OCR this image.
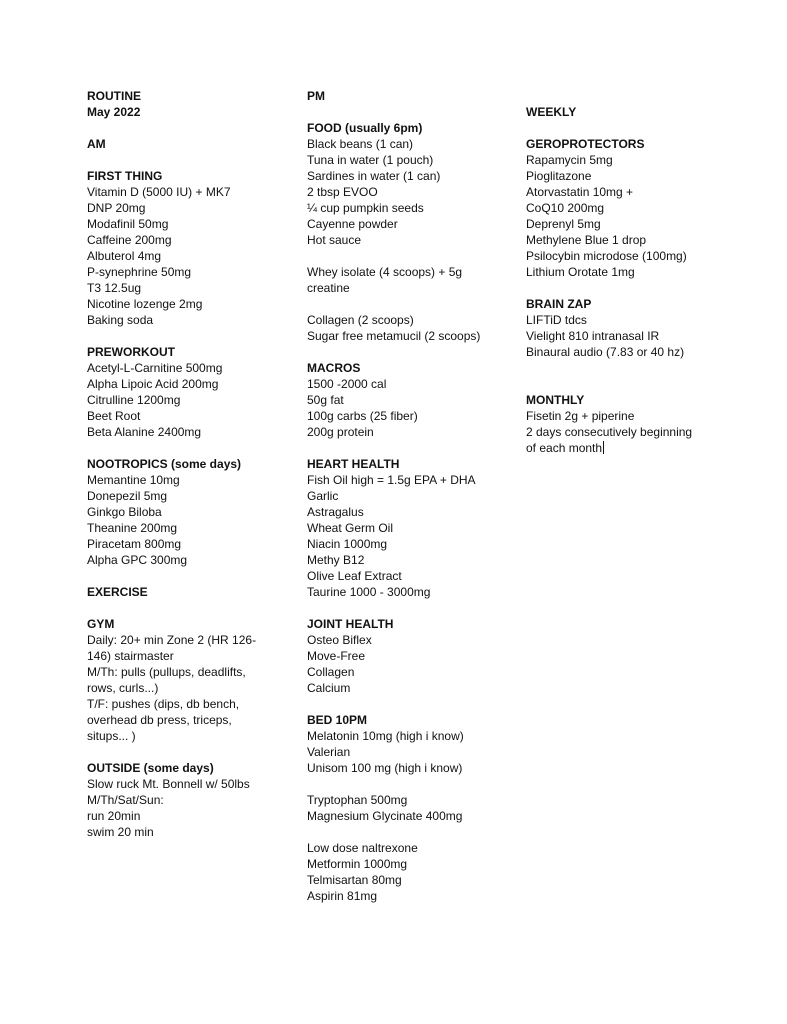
ROUTINE
May 2022
AM
FIRST THING
Vitamin D (5000 IU) + MK7
DNP 20mg
Modafinil 50mg
Caffeine 200mg
Albuterol 4mg
P-synephrine 50mg
T3 12.5ug
Nicotine lozenge 2mg
Baking soda
PREWORKOUT
Acetyl-L-Carnitine 500mg
Alpha Lipoic Acid 200mg
Citrulline 1200mg
Beet Root
Beta Alanine 2400mg
NOOTROPICS (some days)
Memantine 10mg
Donepezil 5mg
Ginkgo Biloba
Theanine 200mg
Piracetam 800mg
Alpha GPC 300mg
EXERCISE
GYM
Daily: 20+ min Zone 2 (HR 126-
146) stairmaster
M/Th: pulls (pullups, deadlifts,
rows, curls...)
T/F: pushes (dips, db bench,
overhead db press, triceps,
situps... )
OUTSIDE (some days)
Slow ruck Mt. Bonnell w/ 50lbs
M/Th/Sat/Sun:
run 20min
swim 20 min
PM
FOOD (usually 6pm)
Black beans (1 can)
Tuna in water (1 pouch)
Sardines in water (1 can)
2 tbsp EVOO
¼ cup pumpkin seeds
Cayenne powder
Hot sauce
Whey isolate (4 scoops) + 5g
creatine
Collagen (2 scoops)
Sugar free metamucil (2 scoops)
MACROS
1500 -2000 cal
50g fat
100g carbs (25 fiber)
200g protein
HEART HEALTH
Fish Oil high = 1.5g EPA + DHA
Garlic
Astragalus
Wheat Germ Oil
Niacin 1000mg
Methy B12
Olive Leaf Extract
Taurine 1000 - 3000mg
JOINT HEALTH
Osteo Biflex
Move-Free
Collagen
Calcium
BED 10PM
Melatonin 10mg (high i know)
Valerian
Unisom 100 mg (high i know)
Tryptophan 500mg
Magnesium Glycinate 400mg
Low dose naltrexone
Metformin 1000mg
Telmisartan 80mg
Aspirin 81mg
WEEKLY
GEROPROTECTORS
Rapamycin 5mg
Pioglitazone
Atorvastatin 10mg +
CoQ10 200mg
Deprenyl 5mg
Methylene Blue 1 drop
Psilocybin microdose (100mg)
Lithium Orotate 1mg
BRAIN ZAP
LIFTiD tdcs
Vielight 810 intranasal IR
Binaural audio (7.83 or 40 hz)
MONTHLY
Fisetin 2g + piperine
2 days consecutively beginning
of each month
